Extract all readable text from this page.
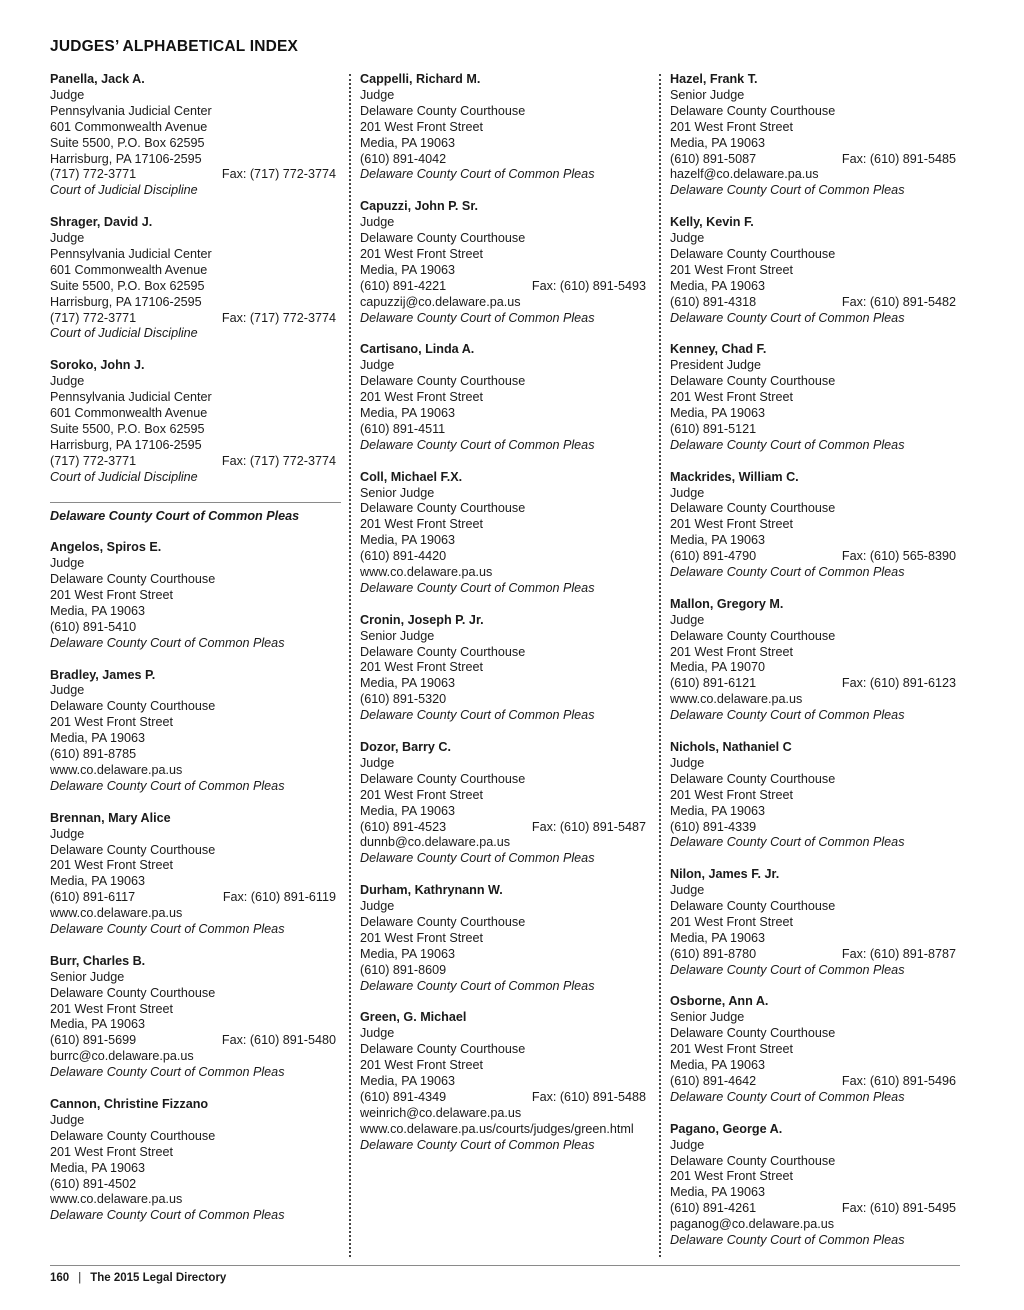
JUDGES’ ALPHABETICAL INDEX
Panella, Jack A.
Judge
Pennsylvania Judicial Center
601 Commonwealth Avenue
Suite 5500, P.O. Box 62595
Harrisburg, PA 17106-2595
(717) 772-3771	Fax: (717) 772-3774
Court of Judicial Discipline
Shrager, David J.
Judge
Pennsylvania Judicial Center
601 Commonwealth Avenue
Suite 5500, P.O. Box 62595
Harrisburg, PA 17106-2595
(717) 772-3771	Fax: (717) 772-3774
Court of Judicial Discipline
Soroko, John J.
Judge
Pennsylvania Judicial Center
601 Commonwealth Avenue
Suite 5500, P.O. Box 62595
Harrisburg, PA 17106-2595
(717) 772-3771	Fax: (717) 772-3774
Court of Judicial Discipline
Delaware County Court of Common Pleas
Angelos, Spiros E.
Judge
Delaware County Courthouse
201 West Front Street
Media, PA 19063
(610) 891-5410
Delaware County Court of Common Pleas
Bradley, James P.
Judge
Delaware County Courthouse
201 West Front Street
Media, PA 19063
(610) 891-8785
www.co.delaware.pa.us
Delaware County Court of Common Pleas
Brennan, Mary Alice
Judge
Delaware County Courthouse
201 West Front Street
Media, PA 19063
(610) 891-6117	Fax: (610) 891-6119
www.co.delaware.pa.us
Delaware County Court of Common Pleas
Burr, Charles B.
Senior Judge
Delaware County Courthouse
201 West Front Street
Media, PA 19063
(610) 891-5699	Fax: (610) 891-5480
burrc@co.delaware.pa.us
Delaware County Court of Common Pleas
Cannon, Christine Fizzano
Judge
Delaware County Courthouse
201 West Front Street
Media, PA 19063
(610) 891-4502
www.co.delaware.pa.us
Delaware County Court of Common Pleas
Cappelli, Richard M.
Judge
Delaware County Courthouse
201 West Front Street
Media, PA 19063
(610) 891-4042
Delaware County Court of Common Pleas
Capuzzi, John P. Sr.
Judge
Delaware County Courthouse
201 West Front Street
Media, PA 19063
(610) 891-4221	Fax: (610) 891-5493
capuzzij@co.delaware.pa.us
Delaware County Court of Common Pleas
Cartisano, Linda A.
Judge
Delaware County Courthouse
201 West Front Street
Media, PA 19063
(610) 891-4511
Delaware County Court of Common Pleas
Coll, Michael F.X.
Senior Judge
Delaware County Courthouse
201 West Front Street
Media, PA 19063
(610) 891-4420
www.co.delaware.pa.us
Delaware County Court of Common Pleas
Cronin, Joseph P. Jr.
Senior Judge
Delaware County Courthouse
201 West Front Street
Media, PA 19063
(610) 891-5320
Delaware County Court of Common Pleas
Dozor, Barry C.
Judge
Delaware County Courthouse
201 West Front Street
Media, PA 19063
(610) 891-4523	Fax: (610) 891-5487
dunnb@co.delaware.pa.us
Delaware County Court of Common Pleas
Durham, Kathrynann W.
Judge
Delaware County Courthouse
201 West Front Street
Media, PA 19063
(610) 891-8609
Delaware County Court of Common Pleas
Green, G. Michael
Judge
Delaware County Courthouse
201 West Front Street
Media, PA 19063
(610) 891-4349	Fax: (610) 891-5488
weinrich@co.delaware.pa.us
www.co.delaware.pa.us/courts/judges/green.html
Delaware County Court of Common Pleas
Hazel, Frank T.
Senior Judge
Delaware County Courthouse
201 West Front Street
Media, PA 19063
(610) 891-5087	Fax: (610) 891-5485
hazelf@co.delaware.pa.us
Delaware County Court of Common Pleas
Kelly, Kevin F.
Judge
Delaware County Courthouse
201 West Front Street
Media, PA 19063
(610) 891-4318	Fax: (610) 891-5482
Delaware County Court of Common Pleas
Kenney, Chad F.
President Judge
Delaware County Courthouse
201 West Front Street
Media, PA 19063
(610) 891-5121
Delaware County Court of Common Pleas
Mackrides, William C.
Judge
Delaware County Courthouse
201 West Front Street
Media, PA 19063
(610) 891-4790	Fax: (610) 565-8390
Delaware County Court of Common Pleas
Mallon, Gregory M.
Judge
Delaware County Courthouse
201 West Front Street
Media, PA 19070
(610) 891-6121	Fax: (610) 891-6123
www.co.delaware.pa.us
Delaware County Court of Common Pleas
Nichols, Nathaniel C
Judge
Delaware County Courthouse
201 West Front Street
Media, PA 19063
(610) 891-4339
Delaware County Court of Common Pleas
Nilon, James F. Jr.
Judge
Delaware County Courthouse
201 West Front Street
Media, PA 19063
(610) 891-8780	Fax: (610) 891-8787
Delaware County Court of Common Pleas
Osborne, Ann A.
Senior Judge
Delaware County Courthouse
201 West Front Street
Media, PA 19063
(610) 891-4642	Fax: (610) 891-5496
Delaware County Court of Common Pleas
Pagano, George A.
Judge
Delaware County Courthouse
201 West Front Street
Media, PA 19063
(610) 891-4261	Fax: (610) 891-5495
paganog@co.delaware.pa.us
Delaware County Court of Common Pleas
160 | The 2015 Legal Directory
